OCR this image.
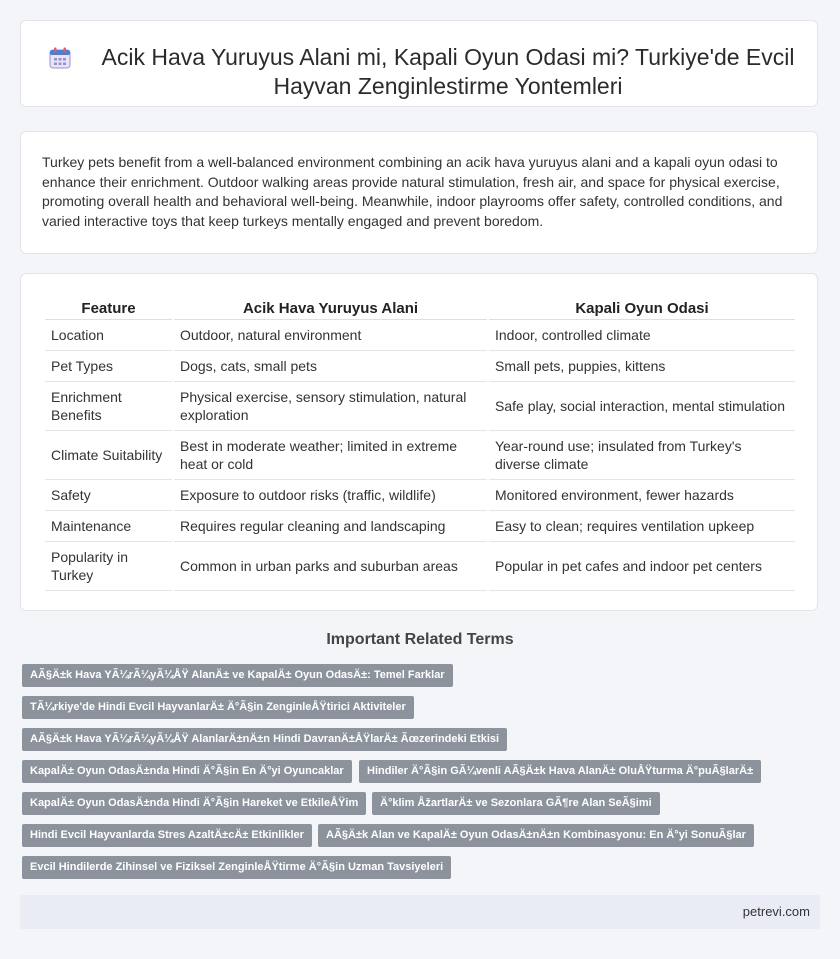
Acik Hava Yuruyus Alani mi, Kapali Oyun Odasi mi? Turkiye'de Evcil Hayvan Zenginlestirme Yontemleri

Turkey pets benefit from a well-balanced environment combining an acik hava yuruyus alani and a kapali oyun odasi to enhance their enrichment. Outdoor walking areas provide natural stimulation, fresh air, and space for physical exercise, promoting overall health and behavioral well-being. Meanwhile, indoor playrooms offer safety, controlled conditions, and varied interactive toys that keep turkeys mentally engaged and prevent boredom.

Feature	Acik Hava Yuruyus Alani	Kapali Oyun Odasi
Location	Outdoor, natural environment	Indoor, controlled climate
Pet Types	Dogs, cats, small pets	Small pets, puppies, kittens
Enrichment Benefits	Physical exercise, sensory stimulation, natural exploration	Safe play, social interaction, mental stimulation
Climate Suitability	Best in moderate weather; limited in extreme heat or cold	Year-round use; insulated from Turkey's diverse climate
Safety	Exposure to outdoor risks (traffic, wildlife)	Monitored environment, fewer hazards
Maintenance	Requires regular cleaning and landscaping	Easy to clean; requires ventilation upkeep
Popularity in Turkey	Common in urban parks and suburban areas	Popular in pet cafes and indoor pet centers
Important Related Terms
AÃ§Ä±k Hava YÃ¼rÃ¼yÃ¼ÅŸ AlanÄ± ve KapalÄ± Oyun OdasÄ±: Temel Farklar
TÃ¼rkiye'de Hindi Evcil HayvanlarÄ± Ä°Ã§in ZenginleÅŸtirici Aktiviteler
AÃ§Ä±k Hava YÃ¼rÃ¼yÃ¼ÅŸ AlanlarÄ±nÄ±n Hindi DavranÄ±ÅŸlarÄ± Ãœzerindeki Etkisi
KapalÄ± Oyun OdasÄ±nda Hindi Ä°Ã§in En Ä°yi Oyuncaklar	Hindiler Ä°Ã§in GÃ¼venli AÃ§Ä±k Hava AlanÄ± OluÅŸturma Ä°puÃ§larÄ±
KapalÄ± Oyun OdasÄ±nda Hindi Ä°Ã§in Hareket ve EtkileÅŸim	Ä°klim ÅžartlarÄ± ve Sezonlara GÃ¶re Alan SeÃ§imi
Hindi Evcil Hayvanlarda Stres AzaltÄ±cÄ± Etkinlikler	AÃ§Ä±k Alan ve KapalÄ± Oyun OdasÄ±nÄ±n Kombinasyonu: En Ä°yi SonuÃ§lar
Evcil Hindilerde Zihinsel ve Fiziksel ZenginleÅŸtirme Ä°Ã§in Uzman Tavsiyeleri
petrevi.com
